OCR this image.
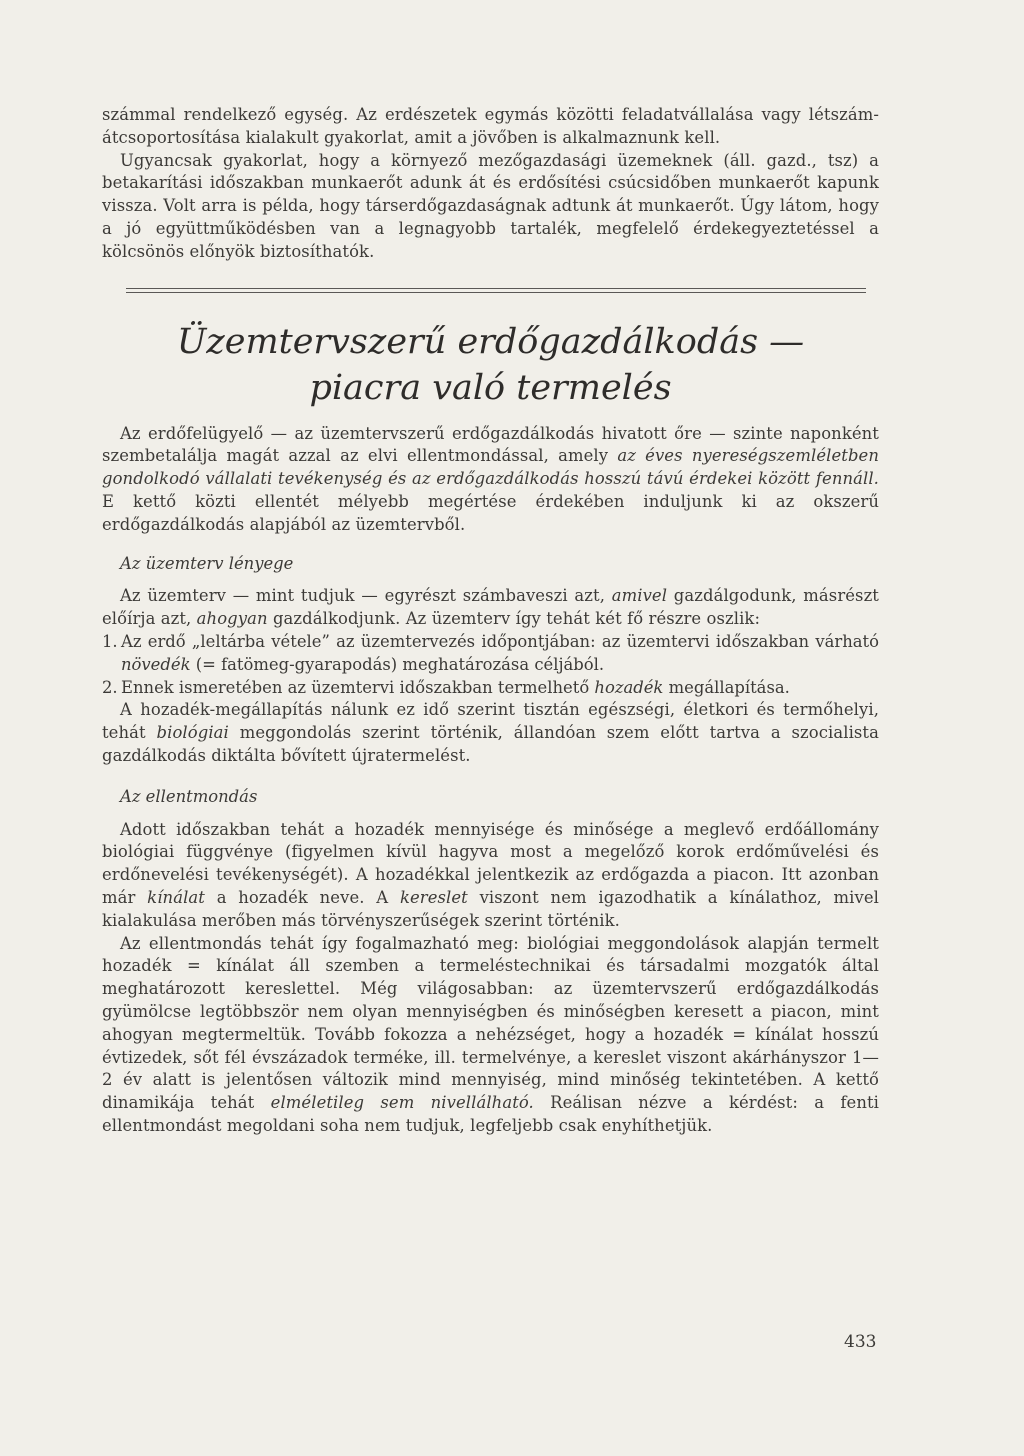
számmal rendelkező egység. Az erdészetek egymás közötti feladatvállalása vagy létszám-átcsoportosítása kialakult gyakorlat, amit a jövőben is alkalmaznunk kell.

Ugyancsak gyakorlat, hogy a környező mezőgazdasági üzemeknek (áll. gazd., tsz) a betakarítási időszakban munkaerőt adunk át és erdősítési csúcsidőben munkaerőt kapunk vissza. Volt arra is példa, hogy társerdőgazdaságnak adtunk át munkaerőt. Úgy látom, hogy a jó együttműködésben van a legnagyobb tartalék, megfelelő érdekegyeztetéssel a kölcsönös előnyök biztosíthatók.

Üzemtervszerű erdőgazdálkodás —
piacra való termelés

Az erdőfelügyelő — az üzemtervszerű erdőgazdálkodás hivatott őre — szinte naponként szembetalálja magát azzal az elvi ellentmondással, amely az éves nyereségszemléletben gondolkodó vállalati tevékenység és az erdőgazdálkodás hosszú távú érdekei között fennáll. E kettő közti ellentét mélyebb megértése érdekében induljunk ki az okszerű erdőgazdálkodás alapjából az üzemtervből.

Az üzemterv lényege

Az üzemterv — mint tudjuk — egyrészt számbaveszi azt, amivel gazdálgodunk, másrészt előírja azt, ahogyan gazdálkodjunk. Az üzemterv így tehát két fő részre oszlik:

1. Az erdő „leltárba vétele” az üzemtervezés időpontjában: az üzemtervi időszakban várható növedék (= fatömeg-gyarapodás) meghatározása céljából.
2. Ennek ismeretében az üzemtervi időszakban termelhető hozadék megállapítása.

A hozadék-megállapítás nálunk ez idő szerint tisztán egészségi, életkori és termőhelyi, tehát biológiai meggondolás szerint történik, állandóan szem előtt tartva a szocialista gazdálkodás diktálta bővített újratermelést.

Az ellentmondás

Adott időszakban tehát a hozadék mennyisége és minősége a meglevő erdőállomány biológiai függvénye (figyelmen kívül hagyva most a megelőző korok erdőművelési és erdőnevelési tevékenységét). A hozadékkal jelentkezik az erdőgazda a piacon. Itt azonban már kínálat a hozadék neve. A kereslet viszont nem igazodhatik a kínálathoz, mivel kialakulása merőben más törvényszerűségek szerint történik.

Az ellentmondás tehát így fogalmazható meg: biológiai meggondolások alapján termelt hozadék = kínálat áll szemben a termeléstechnikai és társadalmi mozgatók által meghatározott kereslettel. Még világosabban: az üzemtervszerű erdőgazdálkodás gyümölcse legtöbbször nem olyan mennyiségben és minőségben keresett a piacon, mint ahogyan megtermeltük. Tovább fokozza a nehézséget, hogy a hozadék = kínálat hosszú évtizedek, sőt fél évszázadok terméke, ill. termelvénye, a kereslet viszont akárhányszor 1—2 év alatt is jelentősen változik mind mennyiség, mind minőség tekintetében. A kettő dinamikája tehát elméletileg sem nivellálható. Reálisan nézve a kérdést: a fenti ellentmondást megoldani soha nem tudjuk, legfeljebb csak enyhíthetjük.

433
